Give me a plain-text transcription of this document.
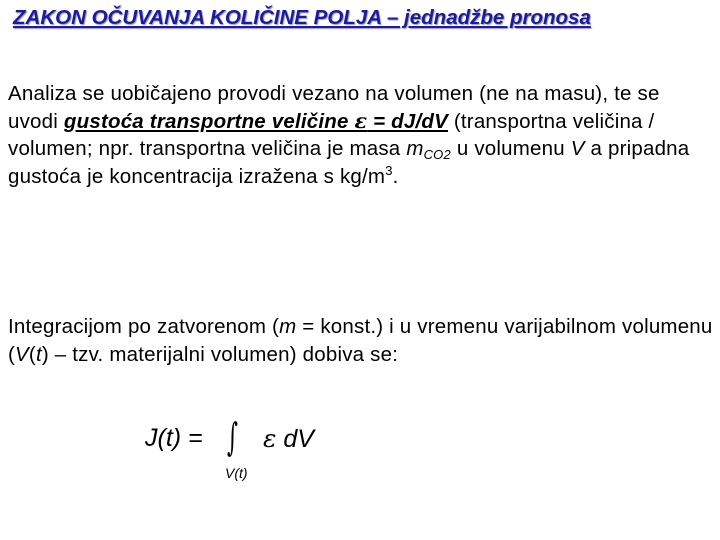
ZAKON OČUVANJA KOLIČINE POLJA – jednadžbe pronosa
Analiza se uobičajeno provodi vezano na volumen (ne na masu), te se uvodi gustoća transportne veličine ε = dJ/dV (transportna veličina / volumen; npr. transportna veličina je masa $m_{CO2}$ u volumenu V a pripadna gustoća je koncentracija izražena s $kg/m^3$.
Integracijom po zatvorenom (m = konst.) i u vremenu varijabilnom volumenu (V(t) – tzv. materijalni volumen) dobiva se:
J(t) = ∫
V(t)
ε dV
